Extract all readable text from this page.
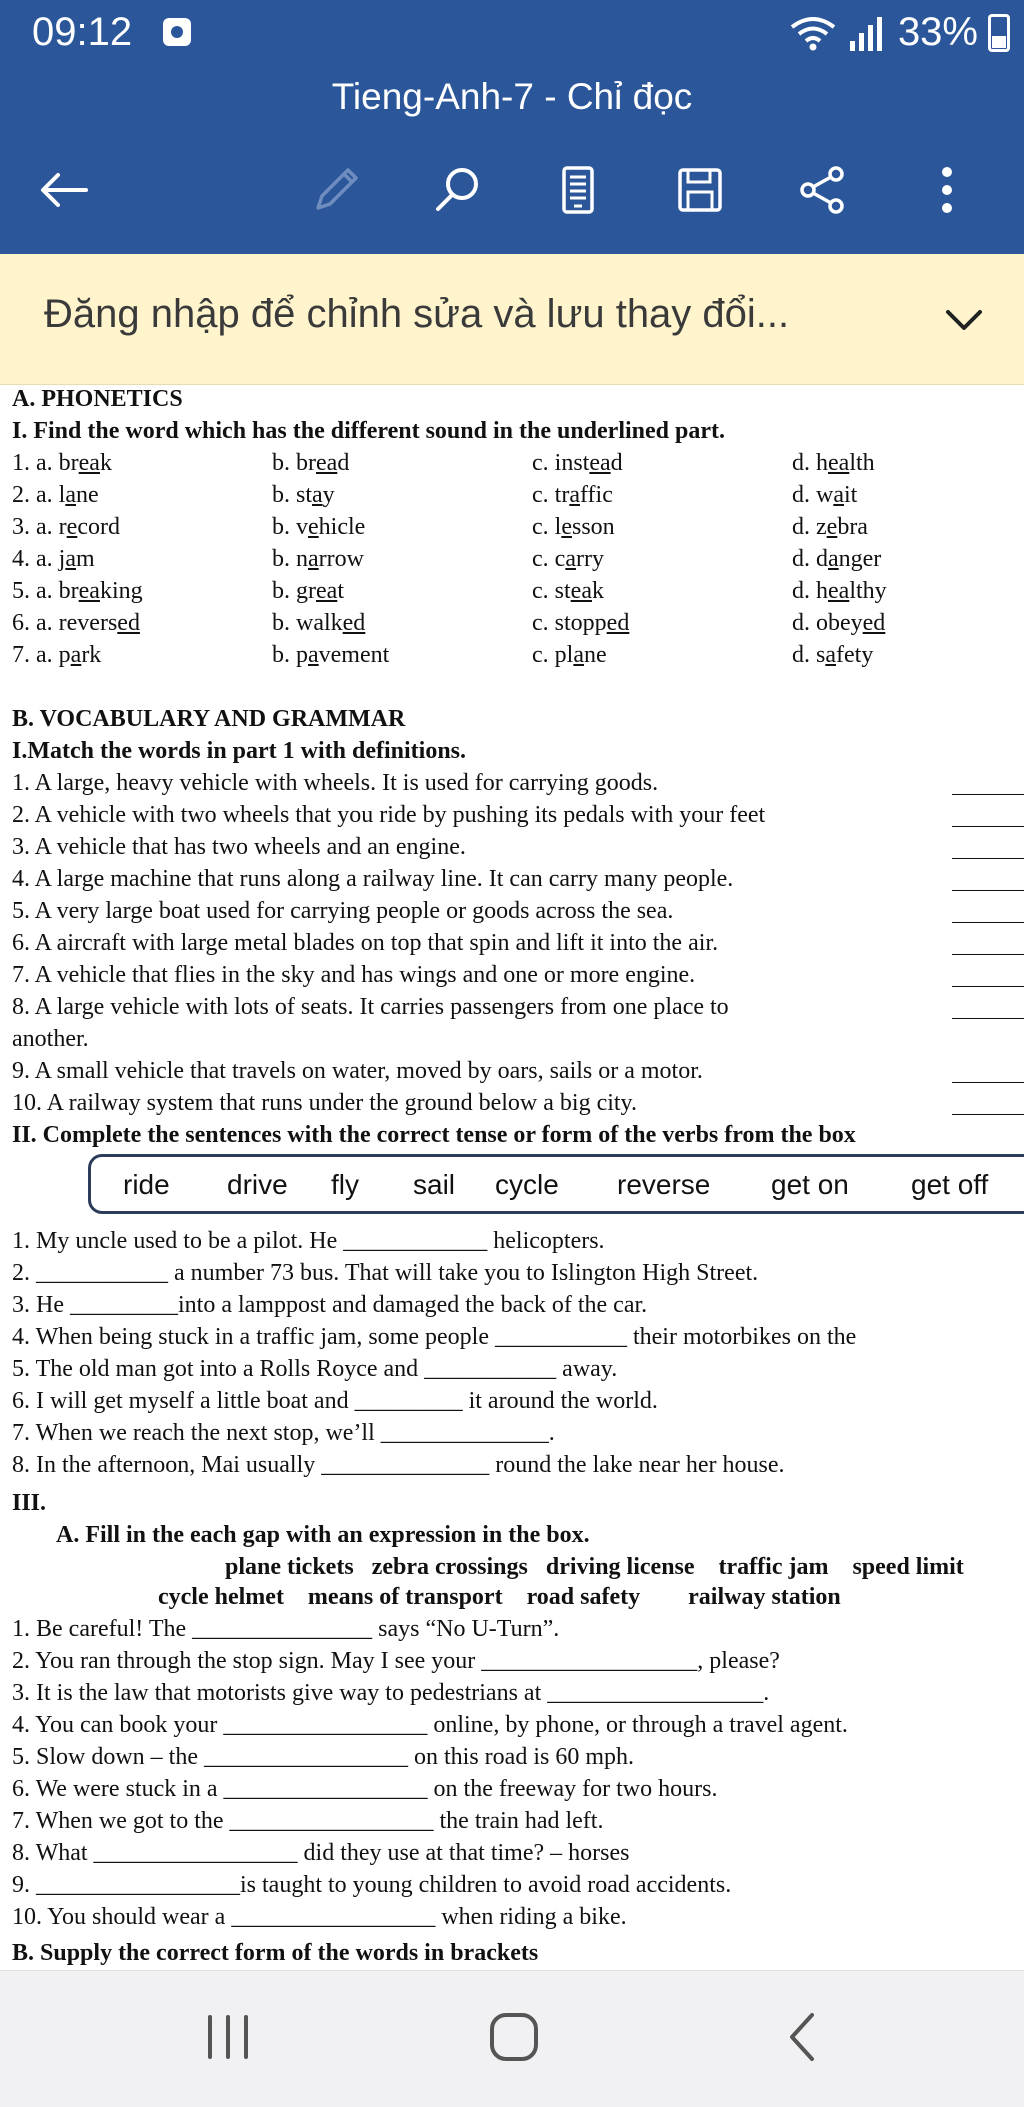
09:12	33%
Tieng-Anh-7 - Chỉ đọc
Đăng nhập để chỉnh sửa và lưu thay đổi...
A. PHONETICS
I. Find the word which has the different sound in the underlined part.
1. a. break	b. bread	c. instead	d. health
2. a. lane	b. stay	c. traffic	d. wait
3. a. record	b. vehicle	c. lesson	d. zebra
4. a. jam	b. narrow	c. carry	d. danger
5. a. breaking	b. great	c. steak	d. healthy
6. a. reversed	b. walked	c. stopped	d. obeyed
7. a. park	b. pavement	c. plane	d. safety
B. VOCABULARY AND GRAMMAR
I.Match the words in part 1 with definitions.
1. A large, heavy vehicle with wheels. It is used for carrying goods.
2. A vehicle with two wheels that you ride by pushing its pedals with your feet
3. A vehicle that has two wheels and an engine.
4. A large machine that runs along a railway line. It can carry many people.
5. A very large boat used for carrying people or goods across the sea.
6. A aircraft with large metal blades on top that spin and lift it into the air.
7. A vehicle that flies in the sky and has wings and one or more engine.
8. A large vehicle with lots of seats. It carries passengers from one place to
another.
9. A small vehicle that travels on water, moved by oars, sails or a motor.
10. A railway system that runs under the ground below a big city.
II. Complete the sentences with the correct tense or form of the verbs from the box
ride drive fly sail cycle reverse get on get off
1. My uncle used to be a pilot. He ____________ helicopters.
2. ___________ a number 73 bus. That will take you to Islington High Street.
3. He _________into a lamppost and damaged the back of the car.
4. When being stuck in a traffic jam, some people ___________ their motorbikes on the
5. The old man got into a Rolls Royce and ___________ away.
6. I will get myself a little boat and _________ it around the world.
7. When we reach the next stop, we’ll ______________.
8. In the afternoon, Mai usually ______________ round the lake near her house.
III.
A. Fill in the each gap with an expression in the box.
plane tickets   zebra crossings   driving license    traffic jam    speed limit
cycle helmet    means of transport    road safety        railway station
1. Be careful! The _______________ says “No U-Turn”.
2. You ran through the stop sign. May I see your __________________, please?
3. It is the law that motorists give way to pedestrians at __________________.
4. You can book your _________________ online, by phone, or through a travel agent.
5. Slow down – the _________________ on this road is 60 mph.
6. We were stuck in a _________________ on the freeway for two hours.
7. When we got to the _________________ the train had left.
8. What _________________ did they use at that time? – horses
9. _________________is taught to young children to avoid road accidents.
10. You should wear a _________________ when riding a bike.
B. Supply the correct form of the words in brackets
